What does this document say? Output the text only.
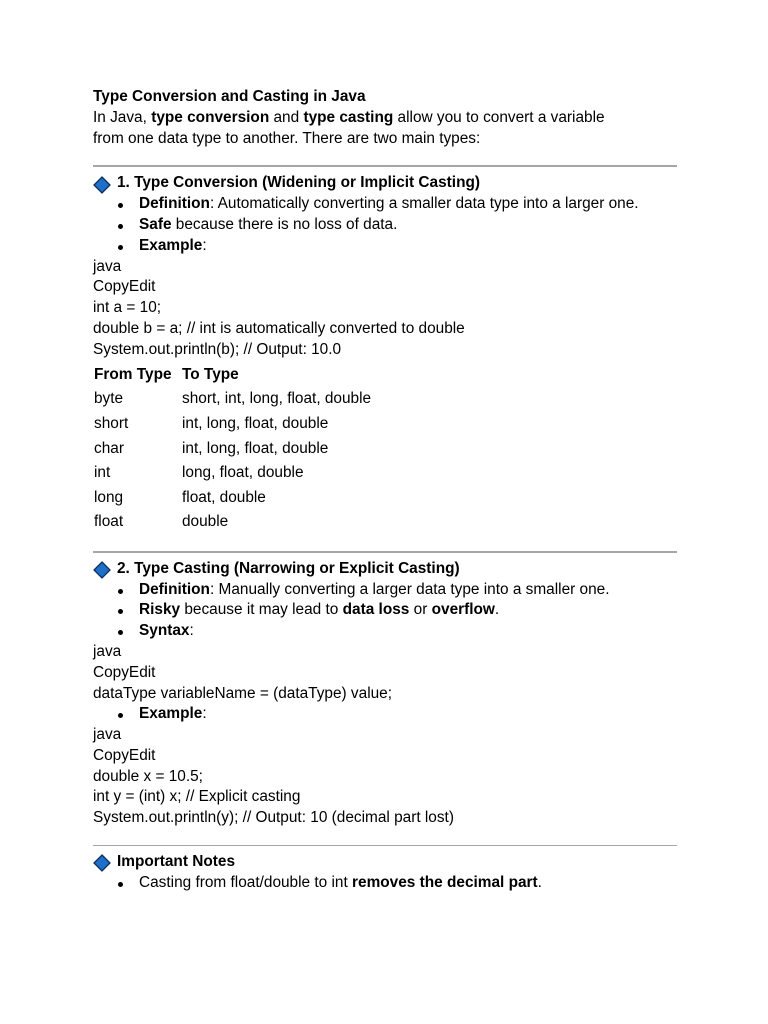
Type Conversion and Casting in Java
In Java, type conversion and type casting allow you to convert a variable
from one data type to another. There are two main types:
1. Type Conversion (Widening or Implicit Casting)
Definition: Automatically converting a smaller data type into a larger one.
Safe because there is no loss of data.
Example:
java
CopyEdit
int a = 10;
double b = a; // int is automatically converted to double
System.out.println(b); // Output: 10.0
From Type	To Type
byte	short, int, long, float, double
short	int, long, float, double
char	int, long, float, double
int	long, float, double
long	float, double
float	double
2. Type Casting (Narrowing or Explicit Casting)
Definition: Manually converting a larger data type into a smaller one.
Risky because it may lead to data loss or overflow.
Syntax:
java
CopyEdit
dataType variableName = (dataType) value;
Example:
java
CopyEdit
double x = 10.5;
int y = (int) x; // Explicit casting
System.out.println(y); // Output: 10 (decimal part lost)
Important Notes
Casting from float/double to int removes the decimal part.
